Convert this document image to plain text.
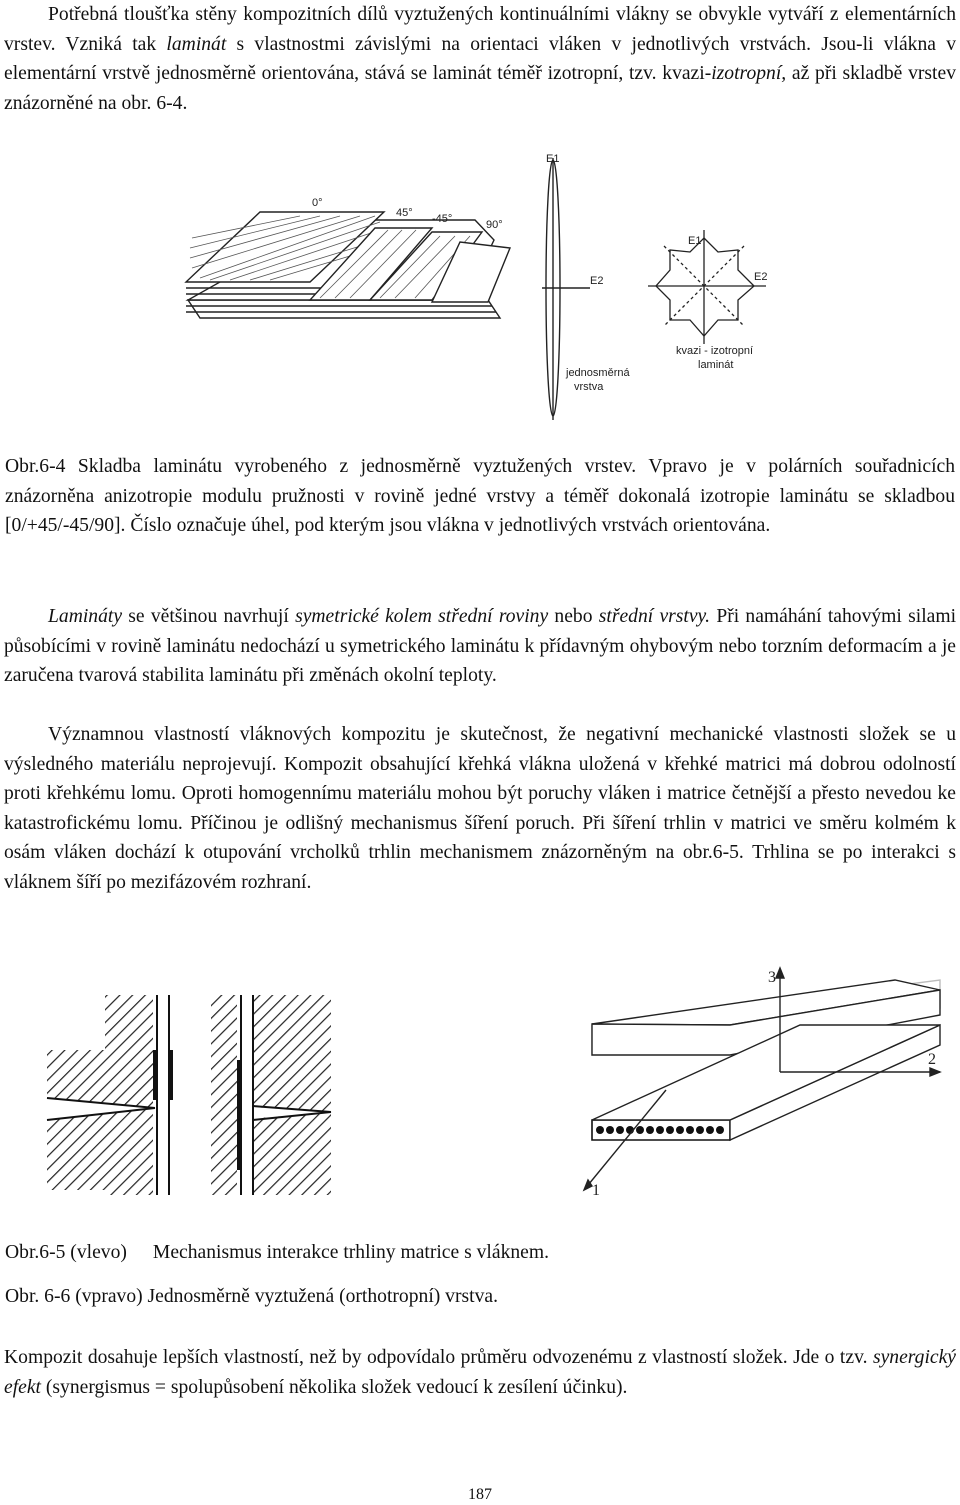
Potřebná tloušťka stěny kompozitních dílů vyztužených kontinuálními vlákny se obvykle vytváří z elementárních vrstev. Vzniká tak laminát s vlastnostmi závislými na orientaci vláken v jednotlivých vrstvách. Jsou-li vlákna v elementární vrstvě jednosměrně orientována, stává se laminát téměř izotropní, tzv. kvazi-izotropní, až při skladbě vrstev znázorněné na obr. 6-4.

0°
45° -45°	90°
E1
E2
jednosměrná
vrstva
E1
E2
kvazi - izotropní
laminát

Obr.6-4 Skladba laminátu vyrobeného z jednosměrně vyztužených vrstev. Vpravo je v polárních souřadnicích znázorněna anizotropie modulu pružnosti v rovině jedné vrstvy a téměř dokonalá izotropie laminátu se skladbou [0/+45/-45/90]. Číslo označuje úhel, pod kterým jsou vlákna v jednotlivých vrstvách orientována.

Lamináty se většinou navrhují symetrické kolem střední roviny nebo střední vrstvy. Při namáhání tahovými silami působícími v rovině laminátu nedochází u symetrického laminátu k přídavným ohybovým nebo torzním deformacím a je zaručena tvarová stabilita laminátu při změnách okolní teploty.

Významnou vlastností vláknových kompozitu je skutečnost, že negativní mechanické vlastnosti složek se u výsledného materiálu neprojevují. Kompozit obsahující křehká vlákna uložená v křehké matrici má dobrou odolností proti křehkému lomu. Oproti homogennímu materiálu mohou být poruchy vláken i matrice četnější a přesto nevedou ke katastrofickému lomu. Příčinou je odlišný mechanismus šíření poruch. Při šíření trhlin v matrici ve směru kolmém k osám vláken dochází k otupování vrcholků trhlin mechanismem znázorněným na obr.6-5. Trhlina se po interakci s vláknem šíří po mezifázovém rozhraní.

1
2
3

Obr.6-5 (vlevo) Mechanismus interakce trhliny matrice s vláknem.

Obr. 6-6 (vpravo) Jednosměrně vyztužená (orthotropní) vrstva.

Kompozit dosahuje lepších vlastností, než by odpovídalo průměru odvozenému z vlastností složek. Jde o tzv. synergický efekt (synergismus = spolupůsobení několika složek vedoucí k zesílení účinku).

187
